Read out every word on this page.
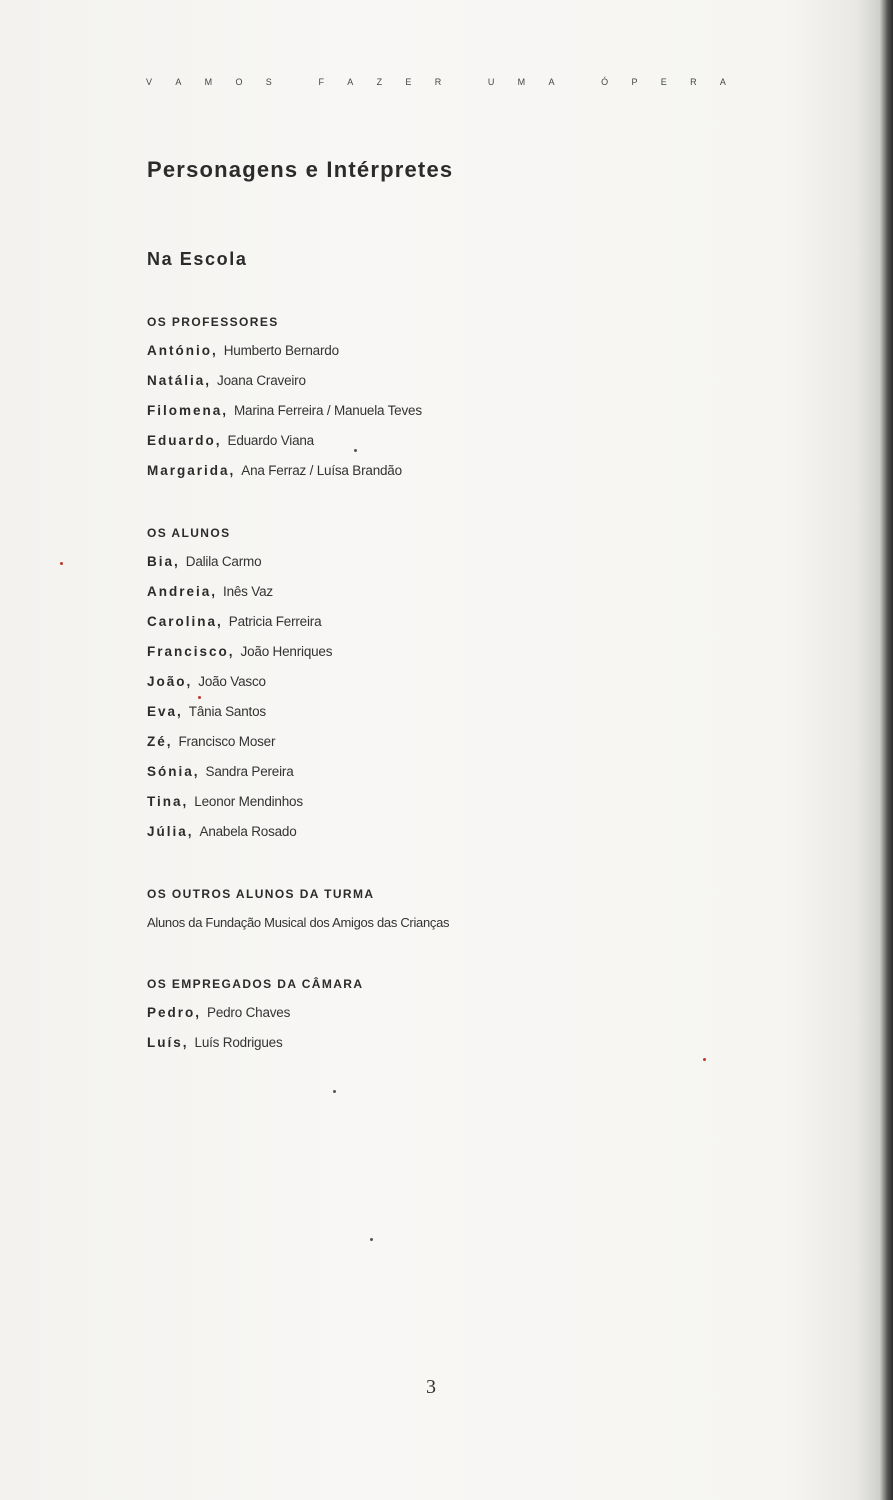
V	A	M	O	S	F	A	Z	E	R	U	M	A	Ó	P	E	R	A
Personagens e Intérpretes
Na Escola
OS PROFESSORES
António, Humberto Bernardo
Natália, Joana Craveiro
Filomena, Marina Ferreira / Manuela Teves
Eduardo, Eduardo Viana
Margarida, Ana Ferraz / Luísa Brandão
OS ALUNOS
Bia, Dalila Carmo
Andreia, Inês Vaz
Carolina, Patricia Ferreira
Francisco, João Henriques
João, João Vasco
Eva, Tânia Santos
Zé, Francisco Moser
Sónia, Sandra Pereira
Tina, Leonor Mendinhos
Júlia, Anabela Rosado
OS OUTROS ALUNOS DA TURMA
Alunos da Fundação Musical dos Amigos das Crianças
OS EMPREGADOS DA CÂMARA
Pedro, Pedro Chaves
Luís, Luís Rodrigues
3
